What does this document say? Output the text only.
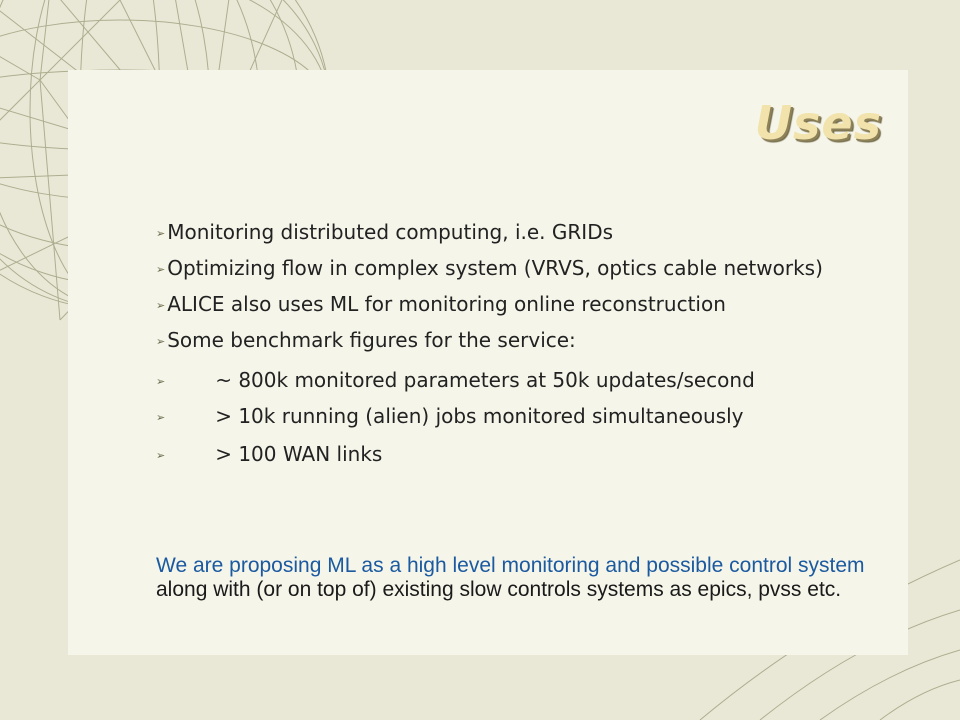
Uses
➢ Monitoring distributed computing, i.e. GRIDs
➢ Optimizing flow in complex system (VRVS, optics cable networks)
➢ ALICE also uses ML for monitoring online reconstruction
➢ Some benchmark figures for the service:
➢	~ 800k monitored parameters at 50k updates/second
➢	> 10k running (alien) jobs monitored simultaneously
➢	> 100 WAN links

We are proposing ML as a high level monitoring and possible control system along with (or on top of) existing slow controls systems as epics, pvss etc.
